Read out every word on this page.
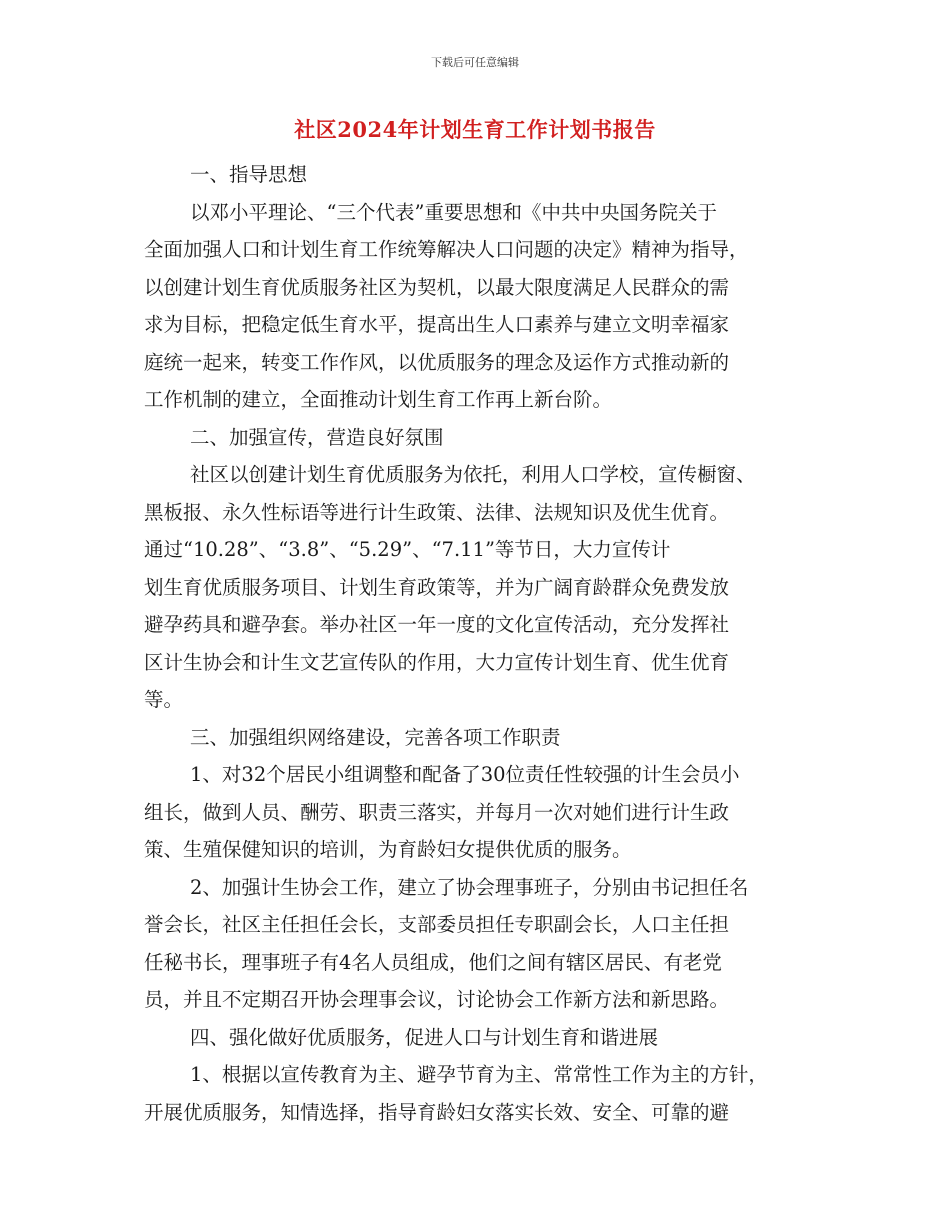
下载后可任意编辑
社区2024年计划生育工作计划书报告
一、指导思想
以邓小平理论、“三个代表”重要思想和《中共中央国务院关于
全面加强人口和计划生育工作统筹解决人口问题的决定》精神为指导，
以创建计划生育优质服务社区为契机，以最大限度满足人民群众的需
求为目标，把稳定低生育水平，提高出生人口素养与建立文明幸福家
庭统一起来，转变工作作风，以优质服务的理念及运作方式推动新的
工作机制的建立，全面推动计划生育工作再上新台阶。
二、加强宣传，营造良好氛围
社区以创建计划生育优质服务为依托，利用人口学校，宣传橱窗、
黑板报、永久性标语等进行计生政策、法律、法规知识及优生优育。
通过“10.28”、“3.8”、“5.29”、“7.11”等节日，大力宣传计
划生育优质服务项目、计划生育政策等，并为广阔育龄群众免费发放
避孕药具和避孕套。举办社区一年一度的文化宣传活动，充分发挥社
区计生协会和计生文艺宣传队的作用，大力宣传计划生育、优生优育
等。
三、加强组织网络建设，完善各项工作职责
1、对32个居民小组调整和配备了30位责任性较强的计生会员小
组长，做到人员、酬劳、职责三落实，并每月一次对她们进行计生政
策、生殖保健知识的培训，为育龄妇女提供优质的服务。
2、加强计生协会工作，建立了协会理事班子，分别由书记担任名
誉会长，社区主任担任会长，支部委员担任专职副会长，人口主任担
任秘书长，理事班子有4名人员组成，他们之间有辖区居民、有老党
员，并且不定期召开协会理事会议，讨论协会工作新方法和新思路。
四、强化做好优质服务，促进人口与计划生育和谐进展
1、根据以宣传教育为主、避孕节育为主、常常性工作为主的方针，
开展优质服务，知情选择，指导育龄妇女落实长效、安全、可靠的避
